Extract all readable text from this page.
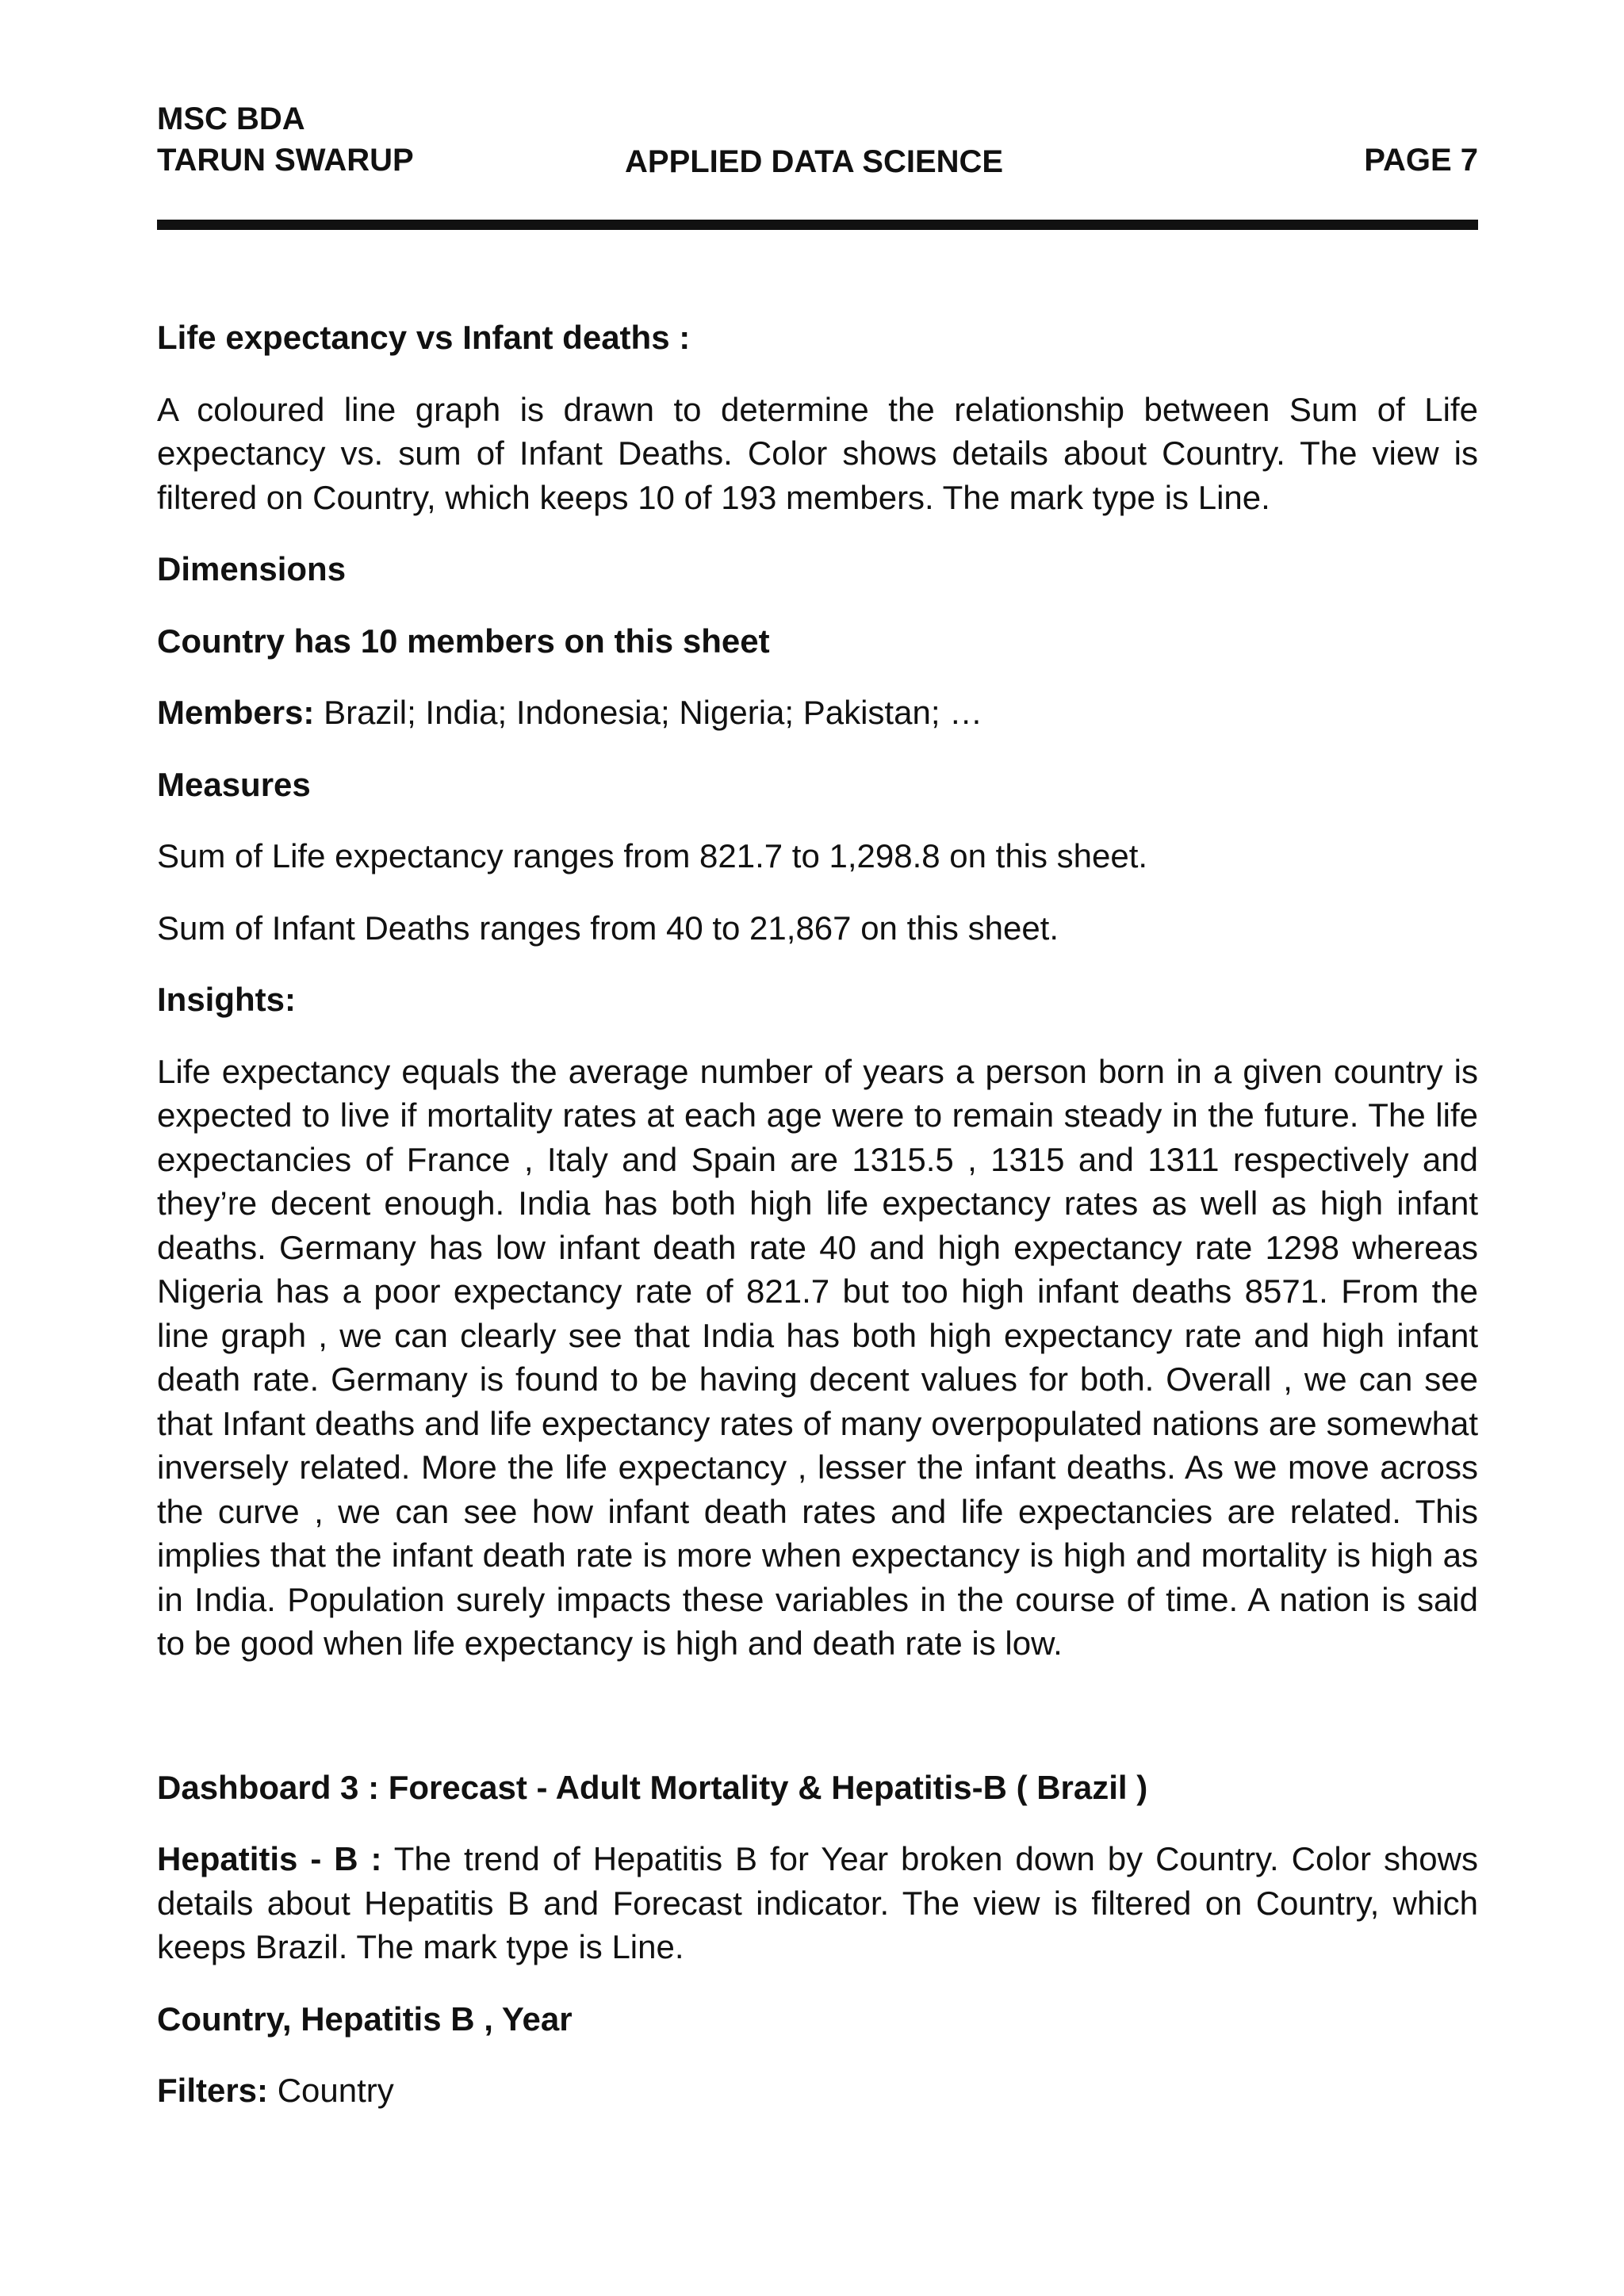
MSC BDA
TARUN SWARUP	APPLIED DATA SCIENCE	PAGE 7

Life expectancy vs Infant deaths :

A coloured line graph is drawn to determine the relationship between Sum of Life expectancy vs. sum of Infant Deaths. Color shows details about Country. The view is filtered on Country, which keeps 10 of 193 members. The mark type is Line.

Dimensions

Country has 10 members on this sheet

Members: Brazil; India; Indonesia; Nigeria; Pakistan; …

Measures

Sum of Life expectancy ranges from 821.7 to 1,298.8 on this sheet.

Sum of Infant Deaths ranges from 40 to 21,867 on this sheet.

Insights:

Life expectancy equals the average number of years a person born in a given country is expected to live if mortality rates at each age were to remain steady in the future. The life expectancies of France , Italy and Spain are 1315.5 , 1315 and 1311 respectively and they’re decent enough. India has both high life expectancy rates as well as high infant deaths. Germany has low infant death rate 40 and high expectancy rate 1298 whereas Nigeria has a poor expectancy rate of 821.7 but too high infant deaths 8571. From the line graph , we can clearly see that India has both high expectancy rate and high infant death rate. Germany is found to be having decent values for both. Overall , we can see that Infant deaths and life expectancy rates of many overpopulated nations are somewhat inversely related. More the life expectancy , lesser the infant deaths. As we move across the curve , we can see how infant death rates and life expectancies are related. This implies that the infant death rate is more when expectancy is high and mortality is high as in India. Population surely impacts these variables in the course of time. A nation is said to be good when life expectancy is high and death rate is low.

Dashboard 3 : Forecast - Adult Mortality & Hepatitis-B ( Brazil )

Hepatitis - B : The trend of Hepatitis B for Year broken down by Country. Color shows details about Hepatitis B and Forecast indicator. The view is filtered on Country, which keeps Brazil. The mark type is Line.

Country, Hepatitis B , Year

Filters: Country
